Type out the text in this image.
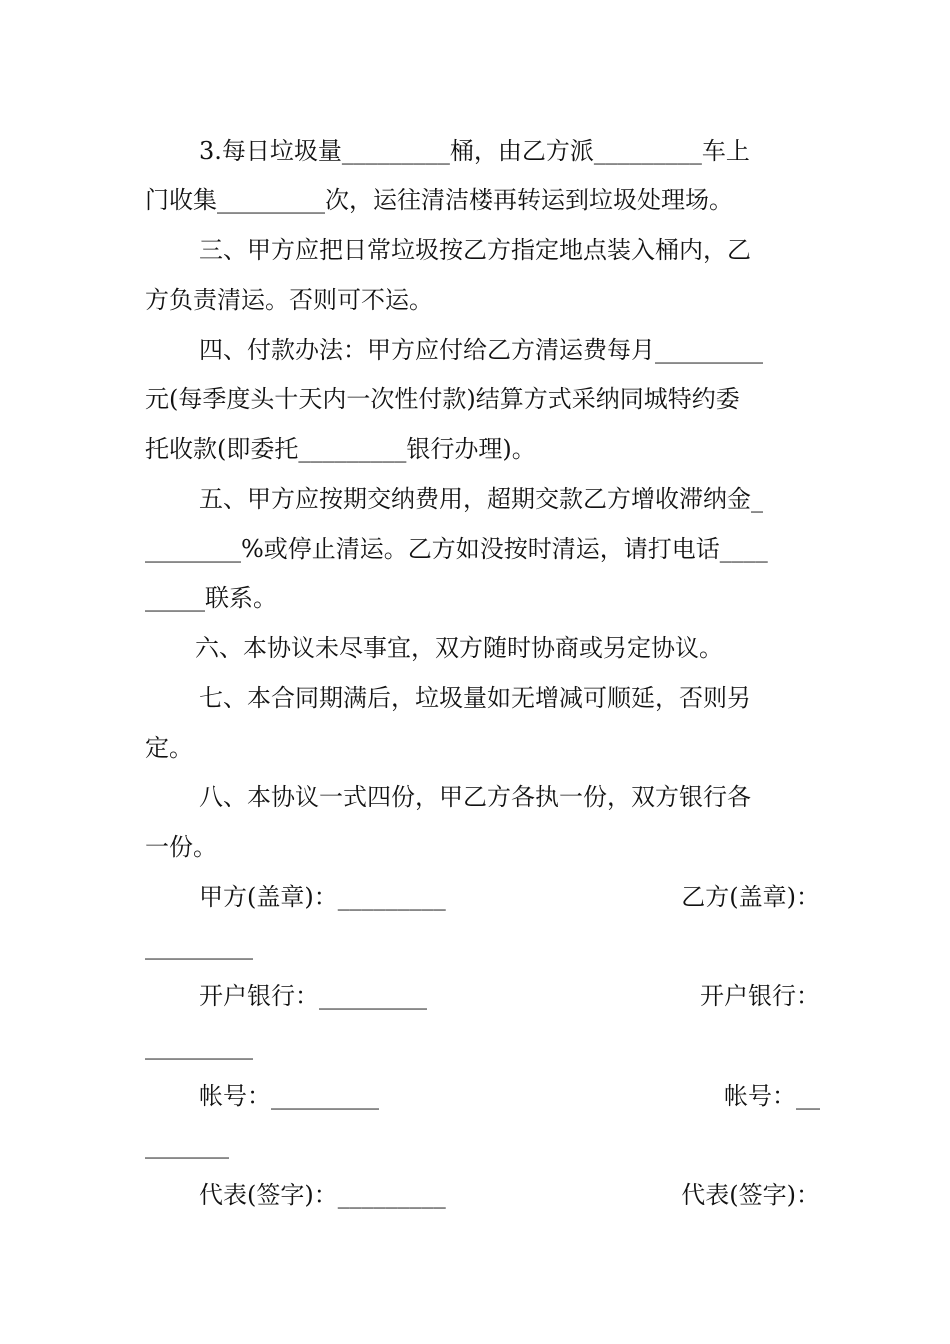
3.每日垃圾量_________桶，由乙方派_________车上
门收集_________次，运往清洁楼再转运到垃圾处理场。
三、甲方应把日常垃圾按乙方指定地点装入桶内，乙
方负责清运。否则可不运。
四、付款办法：甲方应付给乙方清运费每月_________
元(每季度头十天内一次性付款)结算方式采纳同城特约委
托收款(即委托_________银行办理)。
五、甲方应按期交纳费用，超期交款乙方增收滞纳金_
________%或停止清运。乙方如没按时清运，请打电话____
_____联系。
六、本协议未尽事宜，双方随时协商或另定协议。
七、本合同期满后，垃圾量如无增减可顺延，否则另
定。
八、本协议一式四份，甲乙方各执一份，双方银行各
一份。
甲方(盖章)：_________	乙方(盖章)：
_________
开户银行：_________	开户银行：
_________
帐号：_________	帐号：__
_______
代表(签字)：_________	代表(签字)：
